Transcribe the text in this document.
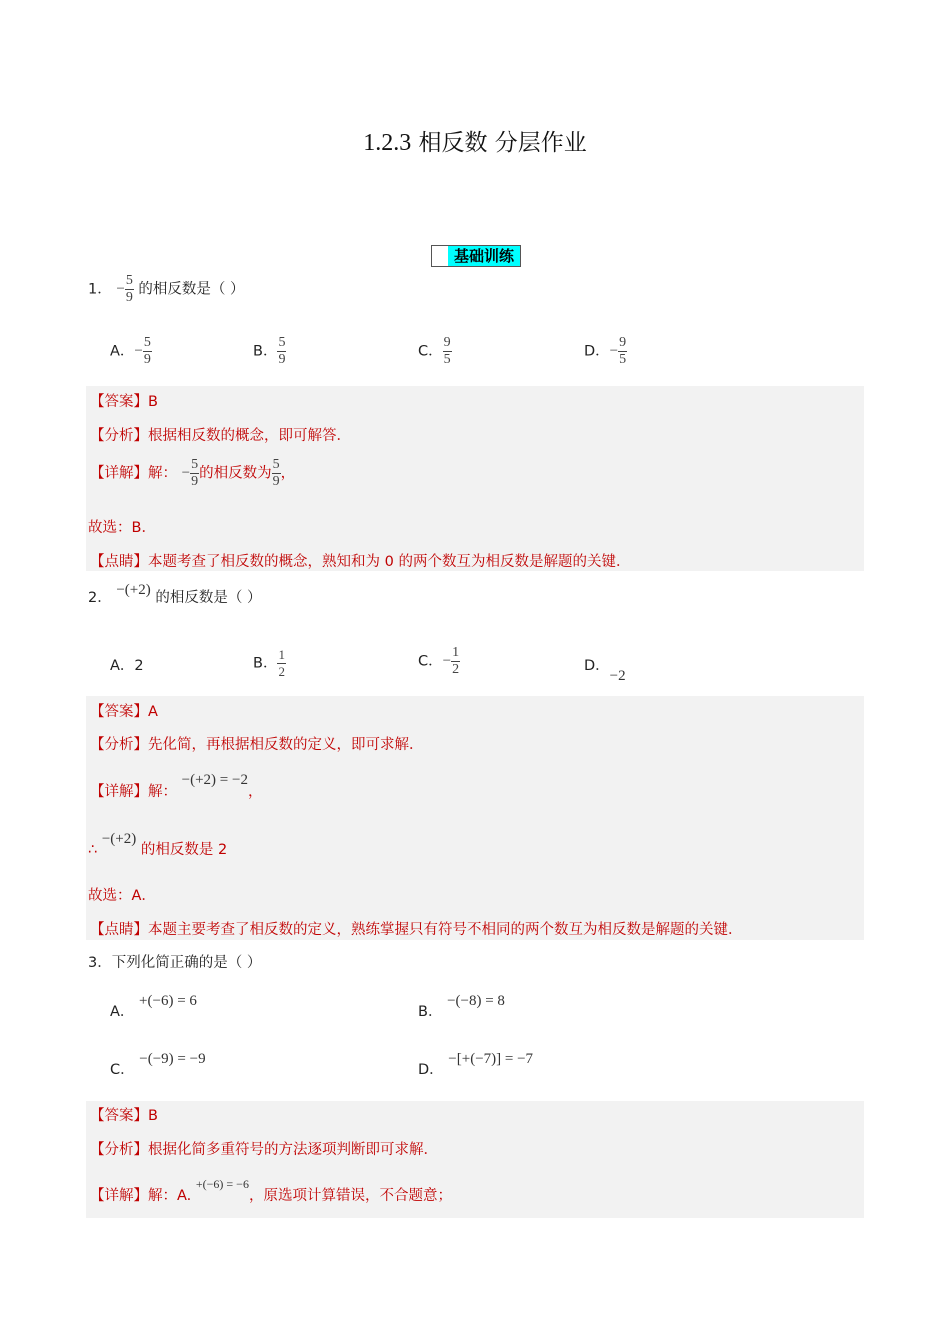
1.2.3 相反数 分层作业
基础训练
1． − $\frac{5}{9}$ 的相反数是（ ）
A．− $\frac{5}{9}$	B． $\frac{5}{9}$	C． $\frac{9}{5}$	D．− $\frac{9}{5}$
【答案】B
【分析】根据相反数的概念，即可解答．
【详解】解： − $\frac{5}{9}$ 的相反数为 $\frac{5}{9}$ ，
故选：B．
【点睛】本题考查了相反数的概念，熟知和为 0 的两个数互为相反数是解题的关键．
2． −(+2) 的相反数是（ ）
A．2	B． $\frac{1}{2}$	C．− $\frac{1}{2}$	D．−2
【答案】A
【分析】先化简，再根据相反数的定义，即可求解．
【详解】解： −(+2) = −2，
∴ −(+2) 的相反数是 2
故选：A．
【点睛】本题主要考查了相反数的定义，熟练掌握只有符号不相同的两个数互为相反数是解题的关键．
3．下列化简正确的是（ ）
A． +(−6) = 6
B． −(−8) = 8
C． −(−9) = −9
D． −[+(−7)] = −7
【答案】B
【分析】根据化简多重符号的方法逐项判断即可求解．
【详解】解：A. $^{+(-6) = -6}$，原选项计算错误，不合题意；
